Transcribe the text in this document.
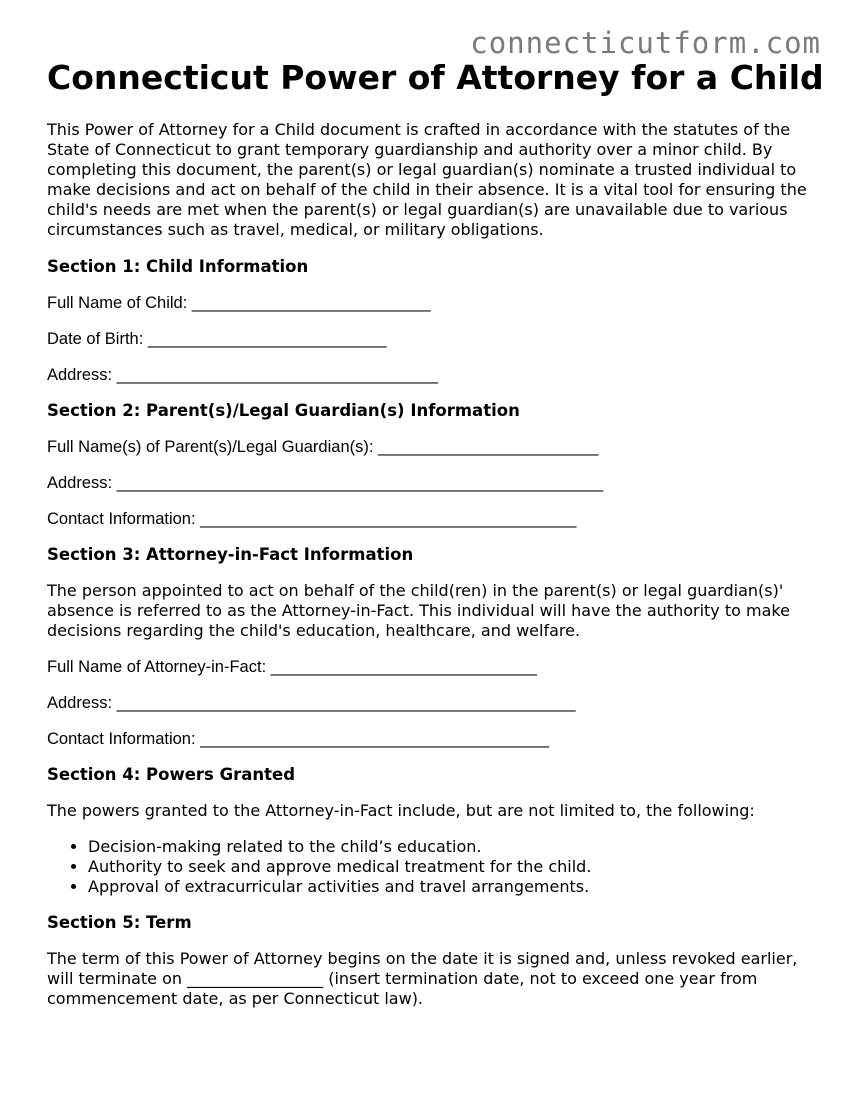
connecticutform.com
Connecticut Power of Attorney for a Child

This Power of Attorney for a Child document is crafted in accordance with the statutes of the State of Connecticut to grant temporary guardianship and authority over a minor child. By completing this document, the parent(s) or legal guardian(s) nominate a trusted individual to make decisions and act on behalf of the child in their absence. It is a vital tool for ensuring the child's needs are met when the parent(s) or legal guardian(s) are unavailable due to various circumstances such as travel, medical, or military obligations.

Section 1: Child Information
Full Name of Child: __________________________
Date of Birth: __________________________
Address: ___________________________________
Section 2: Parent(s)/Legal Guardian(s) Information
Full Name(s) of Parent(s)/Legal Guardian(s): ________________________
Address: _____________________________________________________
Contact Information: _________________________________________
Section 3: Attorney-in-Fact Information

The person appointed to act on behalf of the child(ren) in the parent(s) or legal guardian(s)' absence is referred to as the Attorney-in-Fact. This individual will have the authority to make decisions regarding the child's education, healthcare, and welfare.

Full Name of Attorney-in-Fact: _____________________________
Address: __________________________________________________
Contact Information: ______________________________________
Section 4: Powers Granted

The powers granted to the Attorney-in-Fact include, but are not limited to, the following:

• Decision-making related to the child’s education.
• Authority to seek and approve medical treatment for the child.
• Approval of extracurricular activities and travel arrangements.
Section 5: Term

The term of this Power of Attorney begins on the date it is signed and, unless revoked earlier, will terminate on _________________ (insert termination date, not to exceed one year from commencement date, as per Connecticut law).
